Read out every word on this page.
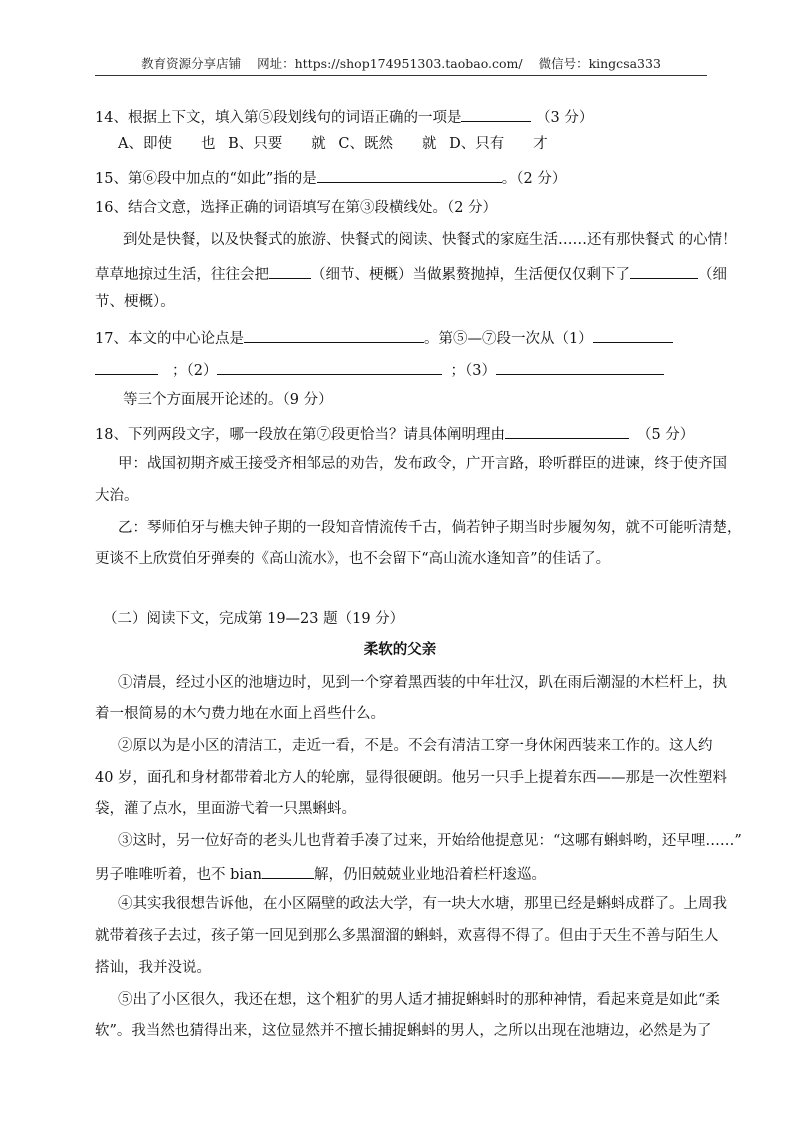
教育资源分享店铺 网址：https://shop174951303.taobao.com/ 微信号：kingcsa333
14、根据上下文，填入第⑤段划线句的词语正确的一项是	（3 分）
A、即使　　也 B、只要　　就 C、既然　　就 D、只有　　才
15、第⑥段中加点的“如此”指的是	。（2 分）
16、结合文意，选择正确的词语填写在第③段横线处。（2 分）
到处是快餐，以及快餐式的旅游、快餐式的阅读、快餐式的家庭生活……还有那快餐式 的心情！
草草地掠过生活，往往会把	（细节、梗概）当做累赘抛掉，生活便仅仅剩下了	（细
节、梗概）。
17、本文的中心论点是	。第⑤—⑦段一次从（1）
；（2）	；（3）
等三个方面展开论述的。（9 分）
18、下列两段文字，哪一段放在第⑦段更恰当？请具体阐明理由	（5 分）
甲：战国初期齐威王接受齐相邹忌的劝告，发布政令，广开言路，聆听群臣的进谏，终于使齐国
大治。
乙：琴师伯牙与樵夫钟子期的一段知音情流传千古，倘若钟子期当时步履匆匆，就不可能听清楚，
更谈不上欣赏伯牙弹奏的《高山流水》，也不会留下“高山流水逢知音”的佳话了。
（二）阅读下文，完成第 19—23 题（19 分）
柔软的父亲
①清晨，经过小区的池塘边时，见到一个穿着黑西装的中年壮汉，趴在雨后潮湿的木栏杆上，执
着一根简易的木勺费力地在水面上舀些什么。
②原以为是小区的清洁工，走近一看，不是。不会有清洁工穿一身休闲西装来工作的。这人约
40 岁，面孔和身材都带着北方人的轮廓，显得很硬朗。他另一只手上提着东西——那是一次性塑料
袋，灌了点水，里面游弋着一只黑蝌蚪。
③这时，另一位好奇的老头儿也背着手凑了过来，开始给他提意见：“这哪有蝌蚪哟，还早哩……”
男子唯唯听着，也不 bian	解，仍旧兢兢业业地沿着栏杆逡巡。
④其实我很想告诉他，在小区隔壁的政法大学，有一块大水塘，那里已经是蝌蚪成群了。上周我
就带着孩子去过，孩子第一回见到那么多黑溜溜的蝌蚪，欢喜得不得了。但由于天生不善与陌生人
搭讪，我并没说。
⑤出了小区很久，我还在想，这个粗犷的男人适才捕捉蝌蚪时的那种神情，看起来竟是如此“柔
软”。我当然也猜得出来，这位显然并不擅长捕捉蝌蚪的男人，之所以出现在池塘边，必然是为了
